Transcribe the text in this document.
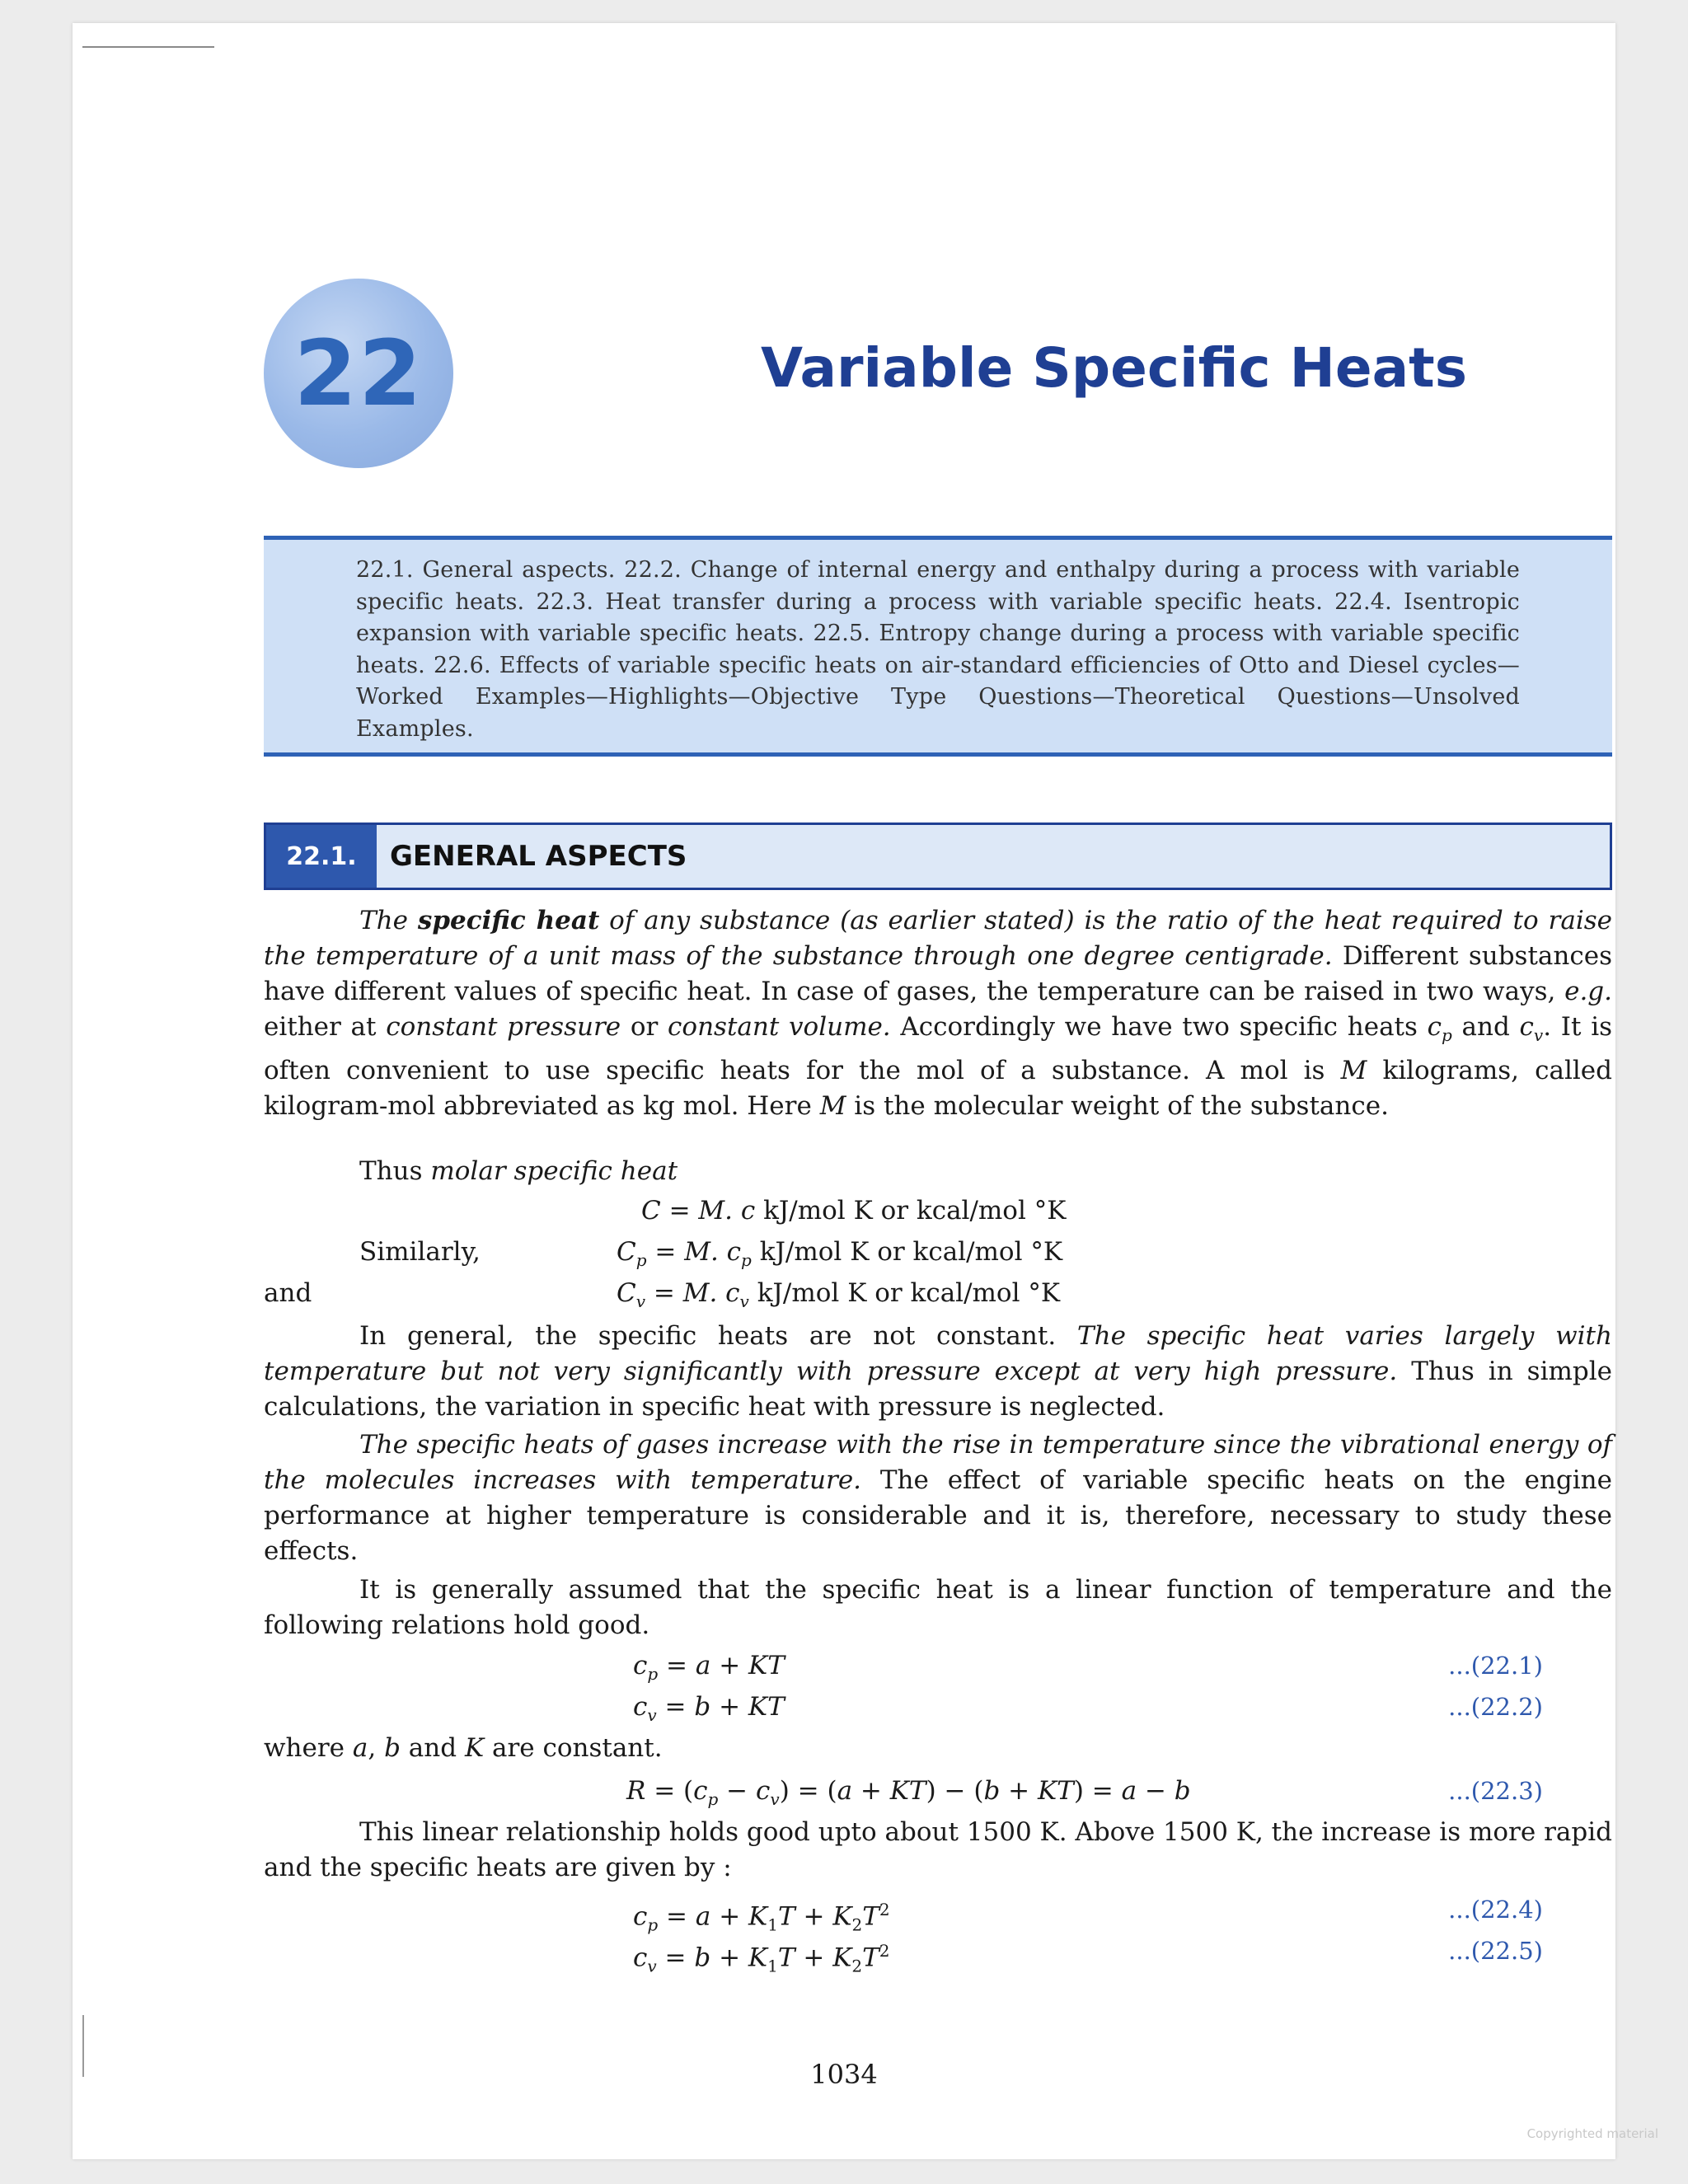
22	Variable Specific Heats
22.1. General aspects. 22.2. Change of internal energy and enthalpy during a process with variable specific heats. 22.3. Heat transfer during a process with variable specific heats. 22.4. Isentropic expansion with variable specific heats. 22.5. Entropy change during a process with variable specific heats. 22.6. Effects of variable specific heats on air-standard efficiencies of Otto and Diesel cycles—Worked Examples—Highlights—Objective Type Questions—Theoretical Questions—Unsolved Examples.
22.1.	GENERAL ASPECTS
The specific heat of any substance (as earlier stated) is the ratio of the heat required to raise the temperature of a unit mass of the substance through one degree centigrade. Different substances have different values of specific heat. In case of gases, the temperature can be raised in two ways, e.g. either at constant pressure or constant volume. Accordingly we have two specific heats $c_p$ and $c_v$. It is often convenient to use specific heats for the mol of a substance. A mol is M kilograms, called kilogram-mol abbreviated as kg mol. Here M is the molecular weight of the substance.
Thus molar specific heat
C = M. c kJ/mol K or kcal/mol °K
Similarly,	$C_p = M$. $c_p$ kJ/mol K or kcal/mol °K
and	$C_v = M$. $c_v$ kJ/mol K or kcal/mol °K
In general, the specific heats are not constant. The specific heat varies largely with temperature but not very significantly with pressure except at very high pressure. Thus in simple calculations, the variation in specific heat with pressure is neglected.
The specific heats of gases increase with the rise in temperature since the vibrational energy of the molecules increases with temperature. The effect of variable specific heats on the engine performance at higher temperature is considerable and it is, therefore, necessary to study these effects.
It is generally assumed that the specific heat is a linear function of temperature and the following relations hold good.
$c_p = a$ + KT	...(22.1)
$c_v = b$ + KT	...(22.2)
where a, b and K are constant.
$R = (c_p - c_v) = (a + KT) - (b + KT) = a - b$	...(22.3)
This linear relationship holds good upto about 1500 K. Above 1500 K, the increase is more rapid and the specific heats are given by :
$c_p = a + K_1T + K_2T^2$	...(22.4)
$c_v = b + K_1T + K_2T^2$	...(22.5)
1034
Copyrighted material
